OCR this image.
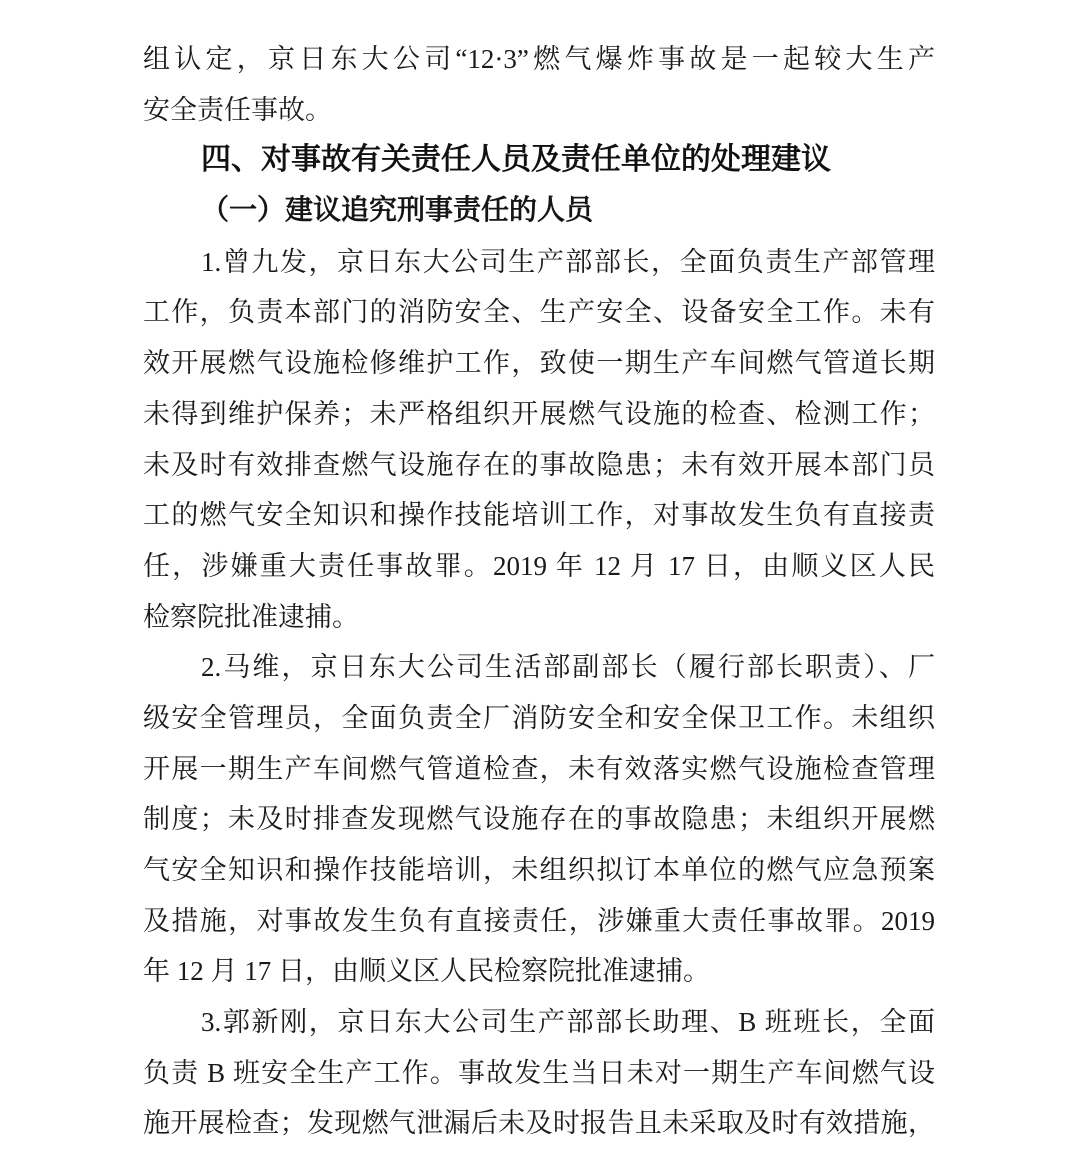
组认定，京日东大公司“12·3”燃气爆炸事故是一起较大生产
安全责任事故。
四、对事故有关责任人员及责任单位的处理建议
（一）建议追究刑事责任的人员
1.曾九发，京日东大公司生产部部长，全面负责生产部管理
工作，负责本部门的消防安全、生产安全、设备安全工作。未有
效开展燃气设施检修维护工作，致使一期生产车间燃气管道长期
未得到维护保养；未严格组织开展燃气设施的检查、检测工作；
未及时有效排查燃气设施存在的事故隐患；未有效开展本部门员
工的燃气安全知识和操作技能培训工作，对事故发生负有直接责
任，涉嫌重大责任事故罪。2019 年 12 月 17 日，由顺义区人民
检察院批准逮捕。
2.马维，京日东大公司生活部副部长（履行部长职责）、厂
级安全管理员，全面负责全厂消防安全和安全保卫工作。未组织
开展一期生产车间燃气管道检查，未有效落实燃气设施检查管理
制度；未及时排查发现燃气设施存在的事故隐患；未组织开展燃
气安全知识和操作技能培训，未组织拟订本单位的燃气应急预案
及措施，对事故发生负有直接责任，涉嫌重大责任事故罪。2019
年 12 月 17 日，由顺义区人民检察院批准逮捕。
3.郭新刚，京日东大公司生产部部长助理、B 班班长，全面
负责 B 班安全生产工作。事故发生当日未对一期生产车间燃气设
施开展检查；发现燃气泄漏后未及时报告且未采取及时有效措施，
